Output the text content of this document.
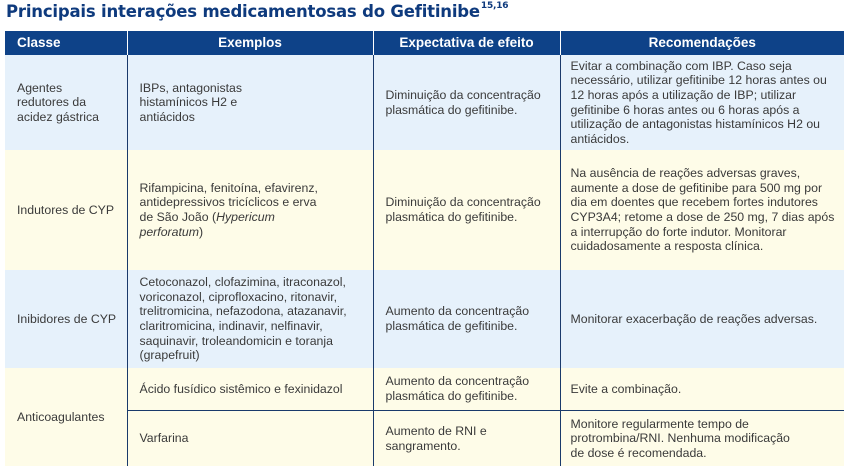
Principais interações medicamentosas do Gefitinibe$^{15,16}$
Classe	Exemplos	Expectativa de efeito	Recomendações
Agentes redutores da acidez gástrica	IBPs, antagonistas histamínicos H2 e antiácidos	Diminuição da concentração plasmática do gefitinibe.	Evitar a combinação com IBP. Caso seja necessário, utilizar gefitinibe 12 horas antes ou 12 horas após a utilização de IBP; utilizar gefitinibe 6 horas antes ou 6 horas após a utilização de antagonistas histamínicos H2 ou antiácidos.
Indutores de CYP	Rifampicina, fenitoína, efavirenz, antidepressivos tricíclicos e erva de São João (Hypericum perforatum)	Diminuição da concentração plasmática do gefitinibe.	Na ausência de reações adversas graves, aumente a dose de gefitinibe para 500 mg por dia em doentes que recebem fortes indutores CYP3A4; retome a dose de 250 mg, 7 dias após a interrupção do forte indutor. Monitorar cuidadosamente a resposta clínica.
Inibidores de CYP	Cetoconazol, clofazimina, itraconazol, voriconazol, ciprofloxacino, ritonavir, trelitromicina, nefazodona, atazanavir, claritromicina, indinavir, nelfinavir, saquinavir, troleandomicin e toranja (grapefruit)	Aumento da concentração plasmática de gefitinibe.	Monitorar exacerbação de reações adversas.
Anticoagulantes	Ácido fusídico sistêmico e fexinidazol	Aumento da concentração plasmática do gefitinibe.	Evite a combinação.
	Varfarina	Aumento de RNI e sangramento.	Monitore regularmente tempo de protrombina/RNI. Nenhuma modificação de dose é recomendada.
